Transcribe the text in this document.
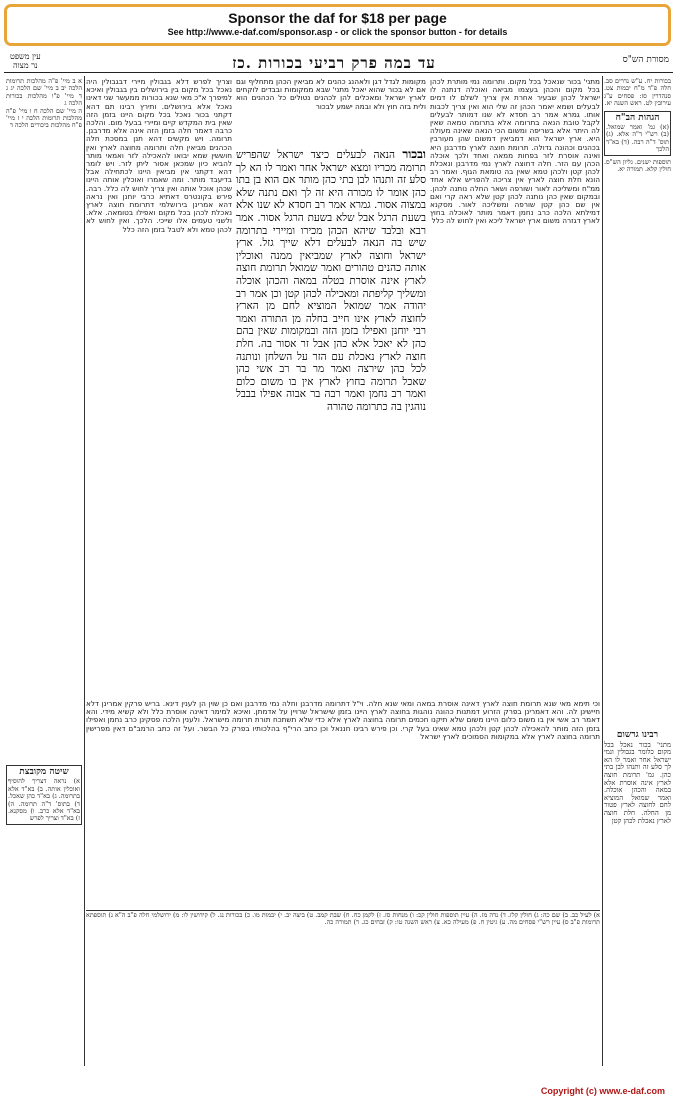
Sponsor the daf for $18 per page
See http://www.e-daf.com/sponsor.asp - or click the sponsor button - for details
מסורת הש"ס
עד במה פרק רביעי בכורות .כז
עין משפט
נר מצוה
בכורות יח. ע"ש נדרים סב. חלה פ"ד מ"ח יבמות צט. סנהדרין סז: פסחים ע"ג עירובין לט. ראש השנה יא.
הגהות הב"ח
(א) גמ' ואמר שמואל. (ב) רש"י ד"ה אלא. (ג) תוס' ד"ה רבה. (ד) בא"ד הלכך
תוספות ישנים. גליון הש"ס. חולין קלא. תמורה יא.
רבינו גרשום
מתני' בכור נאכל בכל מקום כלומר בגבולין ונמי ישראל אחר ואמר לו הא לך סלע זה ותנהו לבן בתי כהן. גמ' תרומת חוצה לארץ אינה אוסרת אלא במאה והכהן אוכלה. ואמר שמואל המוציא לחם לחוצה לארץ פטור מן החלה. חלת חוצה לארץ נאכלת לכהן קטן
מתני' בכור שנאכל בכל מקום. ותרומה נמי מותרת לכהן בכל מקום והכהן בעצמו מביאה ואוכלה דנתנה לו ישראל לכהן שבעיר אחרת אין צריך לשלם לו דמים לבעלים ושמא יאמר הכהן זה שלי הוא ואין צריך לכבות אותו. גמרא אמר רב חסדא לא שנו דמותר לבעלים לקבל טובת הנאה בתרומה אלא בתרומה טמאה שאין לה היתר אלא בשריפה ומשום הכי הנאה שאינה מעולה היא. ארץ ישראל הוא דמביאין דמשום שהן מעורבין בכהנים וכהונה גדולה. תרומת חוצה לארץ מדרבנן היא ואינה אוסרת לזר בפחות ממאה ואחד ולכך אוכלה הכהן עם הזר. חלה דחוצה לארץ נמי מדרבנן ונאכלת לכהן קטן ולכהן טמא שאין בה טומאת הגוף. ואמר רב הונא חלת חוצה לארץ אין צריכה להפריש אלא אחד ממ"ח ומשליכה לאור ושורפה ושאר החלה נותנה לכהן. ובמקום שאין כהן נותנה לכהן קטן שלא ראה קרי ואם אין שם כהן קטן שורפה ומשליכה לאור. מסקנא דמילתא הלכה כרב נחמן דאמר מותר לאוכלה בחוץ לארץ דגזרה משום ארץ ישראל ליכא ואין לחוש לה כלל
מקומות לגדל דגן ולאהנג כהנים לא מביאין הכהן מתחליף וגם אם לא בכור שהוא יאכל מתני' שבא ממקומות ובבדים לוקחים לארץ ישראל ומאכלים להן לכהנים נטולים כל הכהנים הוא ולית בזה חוץ ולא ובמה ישמע לבכור
ובכור הנאה לבעלים כיצד ישראל שהפריש תרומה מכריו ומצא ישראל אחר ואמר לו הא לך סלע זה ותנהו לבן בתי כהן מותר אם הוא בן בתו כהן אומר לו מכורה היא זה לך ואם נתנה שלא במצוה אסור. גמרא אמר רב חסדא לא שנו אלא בשעת הרגל אבל שלא בשעת הרגל אסור. אמר רבא ובלבד שיהא הכהן מכירו ומיירי בתרומה שיש בה הנאה לבעלים דלא שייך גזל. ארץ ישראל וחוצה לארץ שמביאין ממנה ואוכלין אותה כהנים טהורים ואמר שמואל תרומת חוצה לארץ אינה אוסרת בטלה במאה והכהן אוכלה ומשליך קליפתה ומאכילה לכהן קטן וכן אמר רב יהודה אמר שמואל המוציא לחם מן הארץ לחוצה לארץ אינו חייב בחלה מן התורה ואמר רבי יוחנן ואפילו בזמן הזה ובמקומות שאין בהם כהן לא יאכל אלא כהן אבל זר אסור בה. חלת חוצה לארץ נאכלת עם הזר על השלחן ונותנה לכל כהן שירצה ואמר מר בר רב אשי כהן שאכל תרומה בחוץ לארץ אין בו משום כלום ואמר רב נחמן ואמר רבה בר אבוה אפילו בבבל נוהגין בה כתרומה טהורה
וצריך לפרש דלא בגבולין מיירי דבגבולין היה נאכל בכל מקום בין בירושלים בין בגבולין ואיכא למיפרך א"כ מאי שנא בכורות ממעשר שני דאינו נאכל אלא בירושלים. ותירץ רבינו תם דהא דקתני בכור נאכל בכל מקום היינו בזמן הזה שאין בית המקדש קיים ומיירי בבעל מום. והלכה כרבה דאמר חלה בזמן הזה אינה אלא מדרבנן. תרומה. ויש מקשים דהא תנן במסכת חלה הכהנים מביאין חלה ותרומה מחוצה לארץ ואין חוששין שמא יבואו להאכילה לזר ואמאי מותר להביא כיון שמכאן אסור ליתן לזר. ויש לומר דהא דקתני אין מביאין היינו לכתחילה אבל בדיעבד מותר. ומה שאמרו ואוכלין אותה היינו שכהן אוכל אותה ואין צריך לחוש לה כלל. רבה. פירש בקונטרס דאתיא כרבי יוחנן ואין נראה דהא אמרינן בירושלמי דתרומת חוצה לארץ נאכלת לכהן בכל מקום ואפילו בטומאה. אלא. ולשני טעמים אלו שייכי. הלכך. ואין לחוש לא לכהן טמא ולא לטבל בזמן הזה כלל
א ב מיי' פ"ה מהלכות תרומות הלכה יב ב מיי' שם הלכה יג ג ד מיי' פ"ו מהלכות בכורות הלכה ג
ה מיי' שם הלכה ח ו מיי' פ"ה מהלכות תרומות הלכה י ז מיי' פ"ח מהלכות ביכורים הלכה ד
שיטה מקובצת
א) נראה דצריך להוסיף ואוכלין אותה. ב) בא"ד אלא בתרומה. ג) בא"ד כהן שאכל. ד) בתוס' ד"ה תרומה. ה) בא"ד אלא כרב. ו) מסקנא. ז) בא"ד וצריך לפרש
וכי תימא מאי שנא תרומת חוצה לארץ דאינה אוסרת במאה ומאי שנא חלה. וי"ל דתרומה מדרבנן וחלה נמי מדרבנן ואם כן שוין הן לענין דינא. בריש פרקין אמרינן דלא חיישינן לה. והא דאמרינן בפרק הזרוע דמתנות כהונה נוהגות בחוצה לארץ היינו בזמן שישראל שרויין על אדמתן. ואיכא למימר דאינה אוסרת כלל ולא קשיא מידי. והא דאמר רב אשי אין בו משום כלום היינו משום שלא תיקנו חכמים תרומה בחוצה לארץ אלא כדי שלא תשתכח תורת תרומה מישראל. ולענין הלכה פסקינן כרב נחמן ואפילו בזמן הזה מותר להאכילה לכהן קטן ולכהן טמא שאינו בעל קרי. וכן פירש רבינו חננאל וכן כתב הרי"ף בהלכותיו בפרק כל הבשר. ועל זה כתב הרמב"ם דאין מפרישין תרומה בחוצה לארץ אלא במקומות הסמוכים לארץ ישראל
א) לעיל כב. ב) שם כה: ג) חולין קלז. ד) נדה מז. ה) עיין תוספות חולין קכ: ו) מנחות סז. ז) לקמן כח. ח) שבת קמב. ט) ביצה יב. י) יבמות מו. כ) בכורות נג. ל) קידושין לו: מ) ירושלמי חלה פ"ב ה"א נ) תוספתא תרומות פ"ב ס) עיין רש"י פסחים מה. ע) גיטין ח. פ) מעילה כא. צ) ראש השנה טו: ק) זבחים כג. ר) תמורה כה.
Copyright (c) www.e-daf.com
